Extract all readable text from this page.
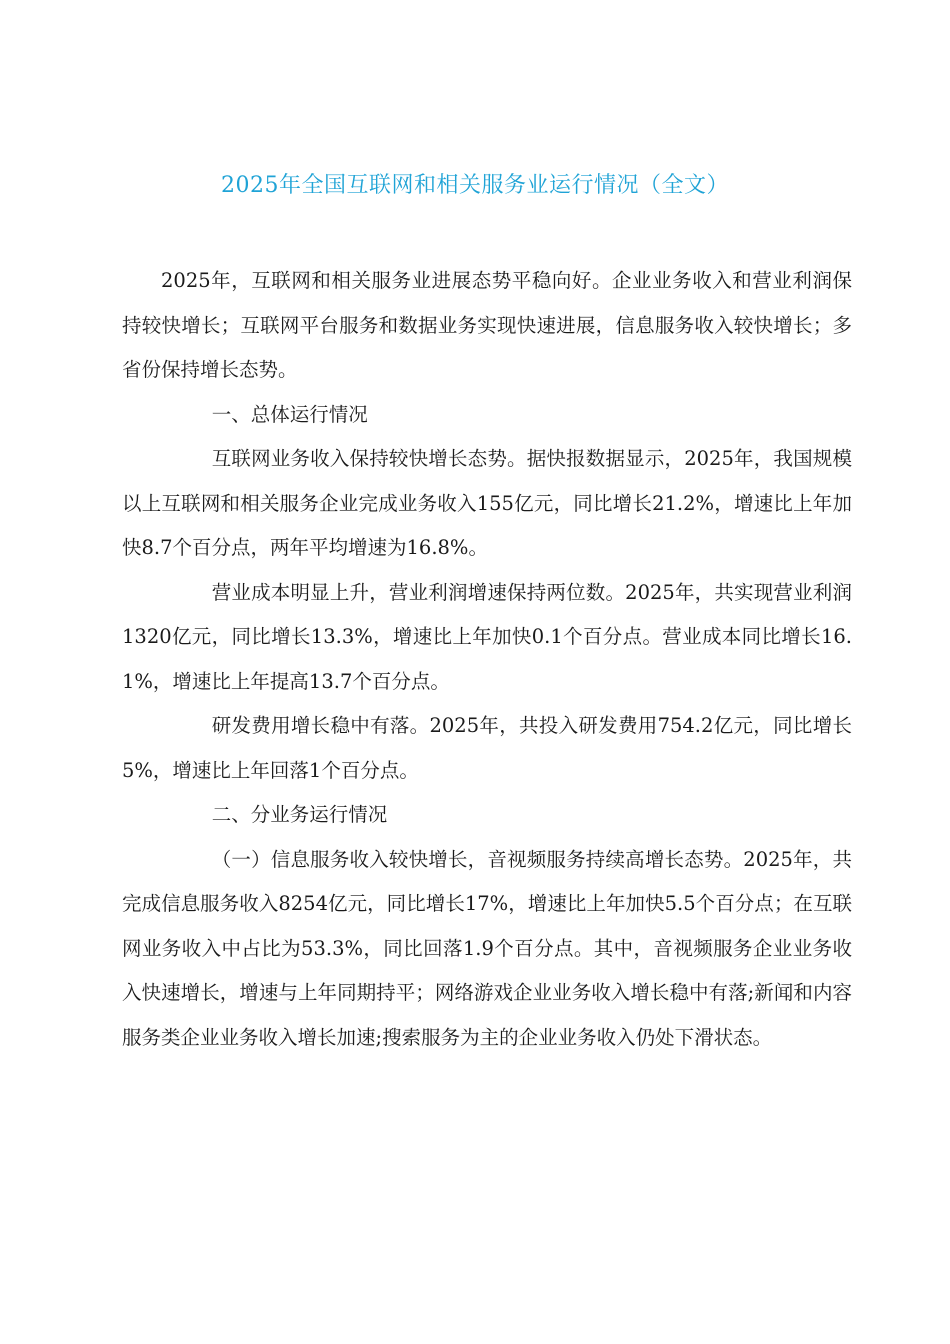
2025年全国互联网和相关服务业运行情况（全文）

2025年，互联网和相关服务业进展态势平稳向好。企业业务收入和营业利润保持较快增长；互联网平台服务和数据业务实现快速进展，信息服务收入较快增长；多省份保持增长态势。

一、总体运行情况

互联网业务收入保持较快增长态势。据快报数据显示，2025年，我国规模以上互联网和相关服务企业完成业务收入155亿元，同比增长21.2%，增速比上年加快8.7个百分点，两年平均增速为16.8%。

营业成本明显上升，营业利润增速保持两位数。2025年，共实现营业利润1320亿元，同比增长13.3%，增速比上年加快0.1个百分点。营业成本同比增长16.1%，增速比上年提高13.7个百分点。

研发费用增长稳中有落。2025年，共投入研发费用754.2亿元，同比增长5%，增速比上年回落1个百分点。

二、分业务运行情况

（一）信息服务收入较快增长，音视频服务持续高增长态势。2025年，共完成信息服务收入8254亿元，同比增长17%，增速比上年加快5.5个百分点；在互联网业务收入中占比为53.3%，同比回落1.9个百分点。其中，音视频服务企业业务收入快速增长，增速与上年同期持平；网络游戏企业业务收入增长稳中有落;新闻和内容服务类企业业务收入增长加速;搜索服务为主的企业业务收入仍处下滑状态。
